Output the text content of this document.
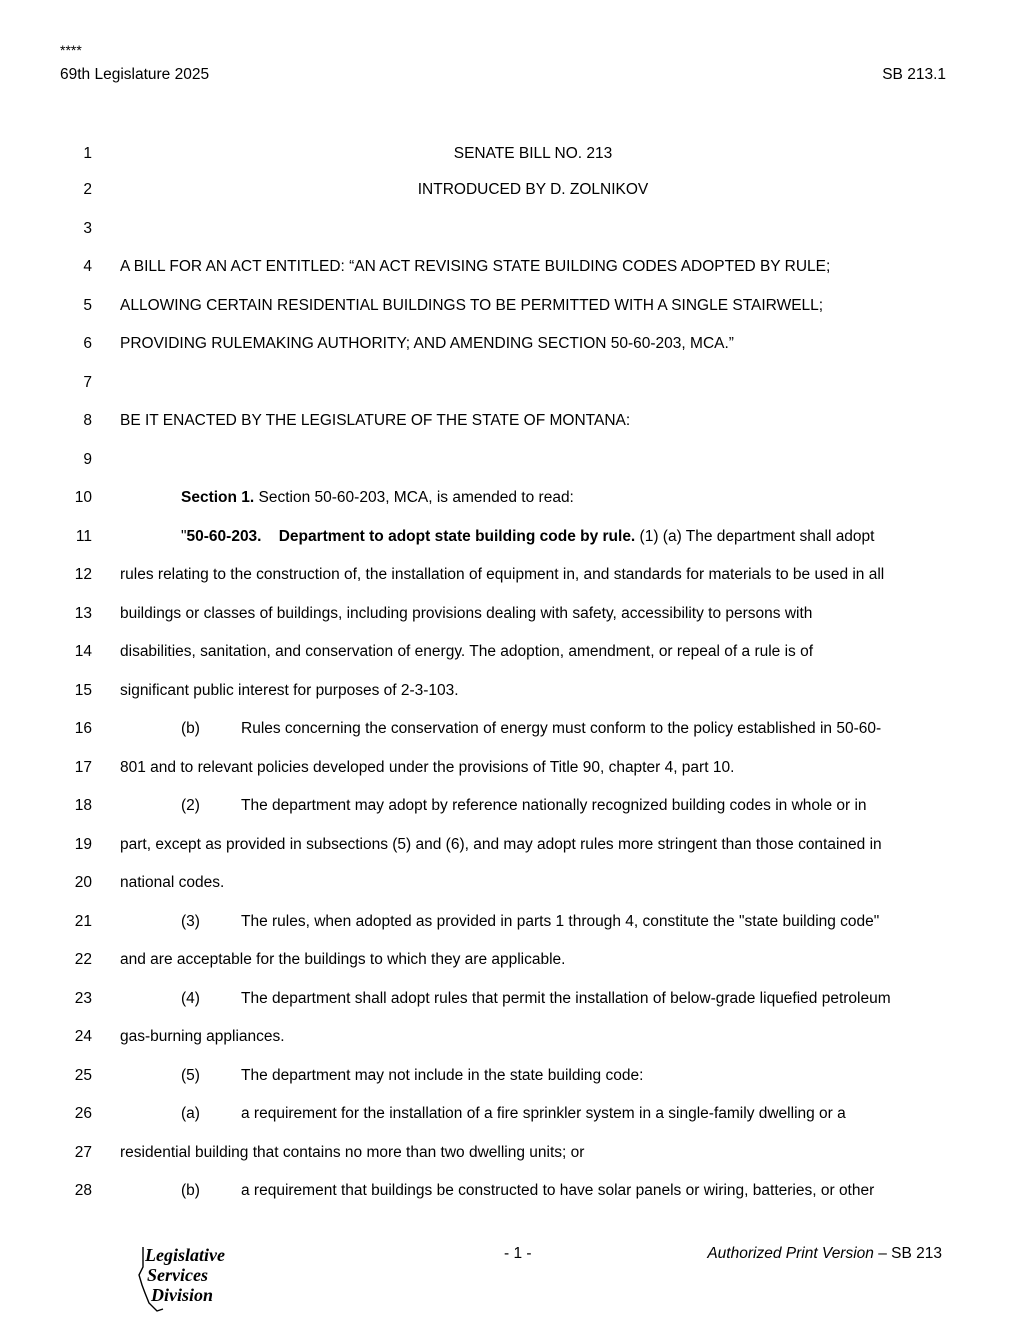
****
69th Legislature 2025	SB 213.1
1	SENATE BILL NO. 213
2	INTRODUCED BY D. ZOLNIKOV
3
4 A BILL FOR AN ACT ENTITLED: “AN ACT REVISING STATE BUILDING CODES ADOPTED BY RULE;
5 ALLOWING CERTAIN RESIDENTIAL BUILDINGS TO BE PERMITTED WITH A SINGLE STAIRWELL;
6 PROVIDING RULEMAKING AUTHORITY; AND AMENDING SECTION 50-60-203, MCA.”
7
8 BE IT ENACTED BY THE LEGISLATURE OF THE STATE OF MONTANA:
9
10	Section 1. Section 50-60-203, MCA, is amended to read:
11	"50-60-203.    Department to adopt state building code by rule. (1) (a) The department shall adopt
12 rules relating to the construction of, the installation of equipment in, and standards for materials to be used in all
13 buildings or classes of buildings, including provisions dealing with safety, accessibility to persons with
14 disabilities, sanitation, and conservation of energy. The adoption, amendment, or repeal of a rule is of
15 significant public interest for purposes of 2-3-103.
16	(b)	Rules concerning the conservation of energy must conform to the policy established in 50-60-
17 801 and to relevant policies developed under the provisions of Title 90, chapter 4, part 10.
18	(2)	The department may adopt by reference nationally recognized building codes in whole or in
19 part, except as provided in subsections (5) and (6), and may adopt rules more stringent than those contained in
20 national codes.
21	(3)	The rules, when adopted as provided in parts 1 through 4, constitute the "state building code"
22 and are acceptable for the buildings to which they are applicable.
23	(4)	The department shall adopt rules that permit the installation of below-grade liquefied petroleum
24 gas-burning appliances.
25	(5)	The department may not include in the state building code:
26	(a)	a requirement for the installation of a fire sprinkler system in a single-family dwelling or a
27 residential building that contains no more than two dwelling units; or
28	(b)	a requirement that buildings be constructed to have solar panels or wiring, batteries, or other
Legislative
Services
Division
- 1 -	Authorized Print Version – SB 213
